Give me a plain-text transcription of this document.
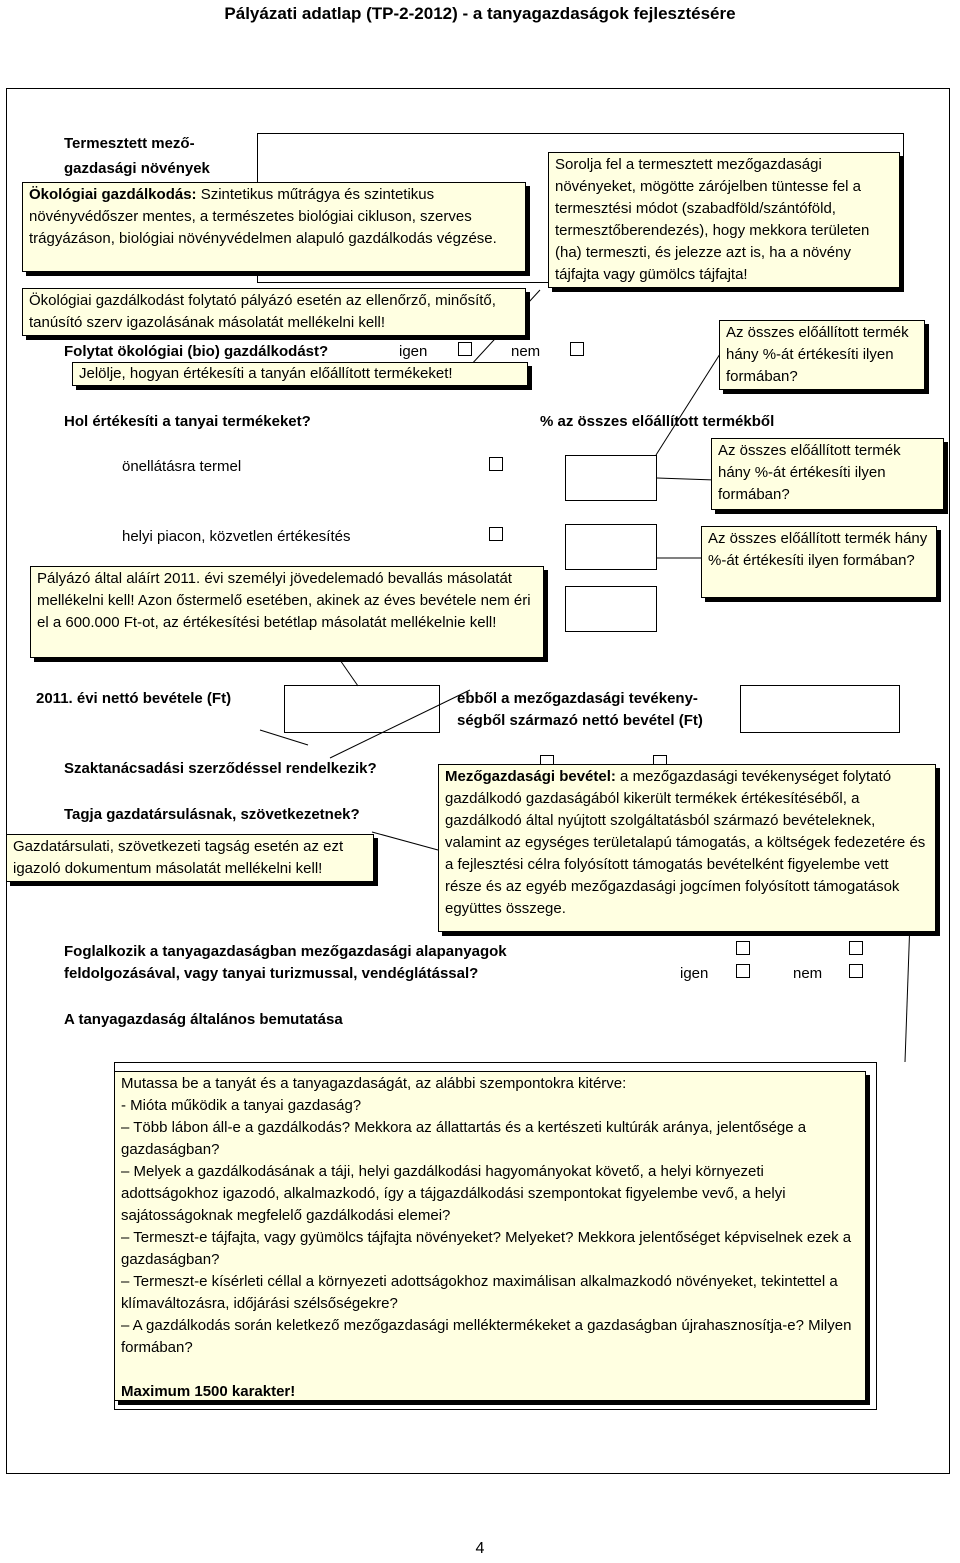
Pályázati adatlap (TP-2-2012) - a tanyagazdaságok fejlesztésére
Termesztett mező-
gazdasági növények
Folytat ökológiai (bio) gazdálkodást?	igen	nem
Hol értékesíti a tanyai termékeket?	% az összes előállított termékből
önellátásra termel
helyi piacon, közvetlen értékesítés
2011. évi nettó bevétele (Ft)	ebből a mezőgazdasági tevékeny-
ségből származó nettó bevétel (Ft)
Szaktanácsadási szerződéssel rendelkezik?
Tagja gazdatársulásnak, szövetkezetnek?
Foglalkozik a tanyagazdaságban mezőgazdasági alapanyagok
feldolgozásával, vagy tanyai turizmussal, vendéglátással?	igen	nem
A tanyagazdaság általános bemutatása

Sorolja fel a termesztett mezőgazdasági növényeket, mögötte zárójelben tüntesse fel a termesztési módot (szabadföld/szántóföld, termesztőberendezés), hogy mekkora területen (ha) termeszti, és jelezze azt is, ha a növény tájfajta vagy gümölcs tájfajta!

Ökológiai gazdálkodás: Szintetikus műtrágya és szintetikus növényvédőszer mentes, a természetes biológiai cikluson, szerves trágyázáson, biológiai növényvédelmen alapuló gazdálkodás végzése.

Ökológiai gazdálkodást folytató pályázó esetén az ellenőrző, minősítő, tanúsító szerv igazolásának másolatát mellékelni kell!

Jelölje, hogyan értékesíti a tanyán előállított termékeket!

Az összes előállított termék hány %-át értékesíti ilyen formában?

Az összes előállított termék hány %-át értékesíti ilyen formában?

Az összes előállított termék hány %-át értékesíti ilyen formában?

Pályázó által aláírt 2011. évi személyi jövedelemadó bevallás másolatát mellékelni kell! Azon őstermelő esetében, akinek az éves bevétele nem éri el a 600.000 Ft-ot, az értékesítési betétlap másolatát mellékelnie kell!

Mezőgazdasági bevétel: a mezőgazdasági tevékenységet folytató gazdálkodó gazdaságából kikerült termékek értékesítéséből, a gazdálkodó által nyújtott szolgáltatásból származó bevételeknek, valamint az egységes területalapú támogatás, a költségek fedezetére és a fejlesztési célra folyósított támogatás bevételként figyelembe vett része és az egyéb mezőgazdasági jogcímen folyósított támogatások együttes összege.

Gazdatársulati, szövetkezeti tagság esetén az ezt igazoló dokumentum másolatát mellékelni kell!

Mutassa be a tanyát és a tanyagazdaságát, az alábbi szempontokra kitérve:

- Mióta működik a tanyai gazdaság?

– Több lábon áll-e a gazdálkodás? Mekkora az állattartás és a kertészeti kultúrák aránya, jelentősége a gazdaságban?

– Melyek a gazdálkodásának a táji, helyi gazdálkodási hagyományokat követő, a helyi környezeti adottságokhoz igazodó, alkalmazkodó, így a tájgazdálkodási szempontokat figyelembe vevő, a helyi sajátosságoknak megfelelő gazdálkodási elemei?

– Termeszt-e tájfajta, vagy gyümölcs tájfajta növényeket? Melyeket? Mekkora jelentőséget képviselnek ezek a gazdaságban?

– Termeszt-e kísérleti céllal a környezeti adottságokhoz maximálisan alkalmazkodó növényeket, tekintettel a klímaváltozásra, időjárási szélsőségekre?

– A gazdálkodás során keletkező mezőgazdasági melléktermékeket a gazdaságban újrahasznosítja-e? Milyen formában?

Maximum 1500 karakter!

4
